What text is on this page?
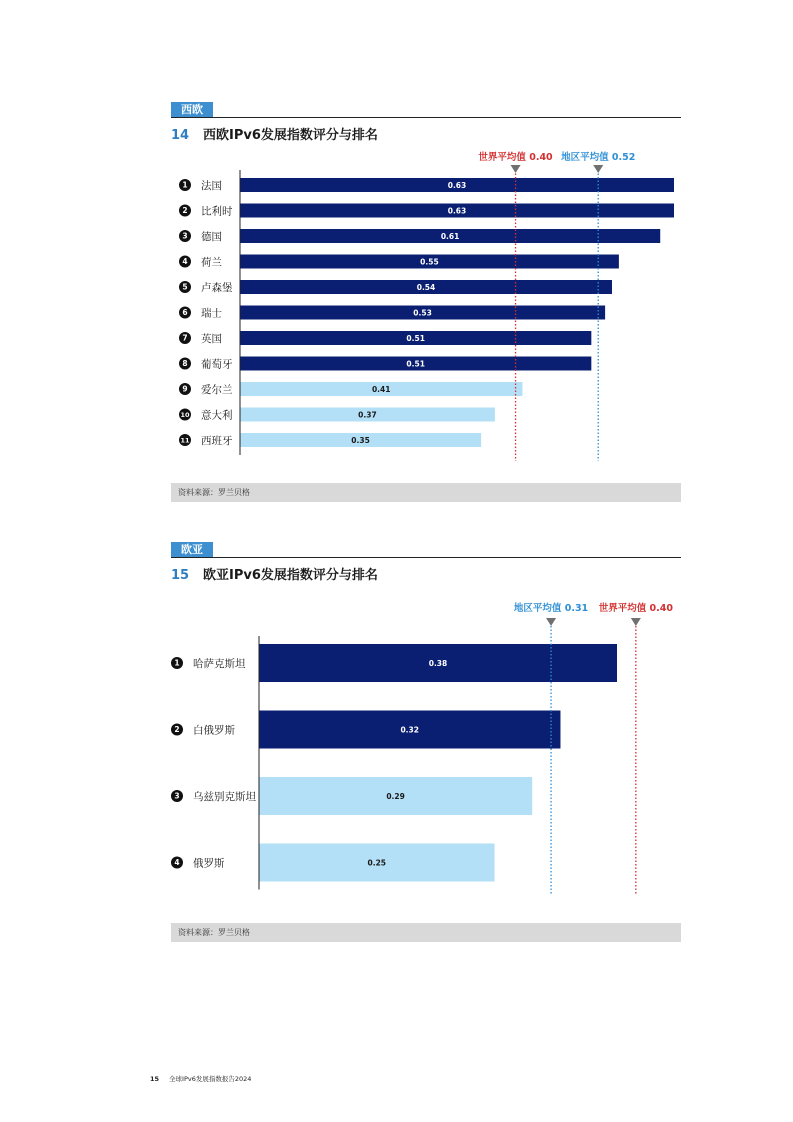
西欧
14 西欧IPv6发展指数评分与排名
0.63
1 法国
0.63
2 比利时
0.61
3 德国
0.55
4 荷兰
0.54
5 卢森堡
0.53
6 瑞士
0.51
7 英国
0.51
8 葡萄牙
0.41
9 爱尔兰
0.37
10 意大利
0.35
11 西班牙
世界平均值 0.40 地区平均值 0.52
资料来源：罗兰贝格
欧亚
15 欧亚IPv6发展指数评分与排名
0.38
1 哈萨克斯坦
0.32
2 白俄罗斯
0.29
3 乌兹别克斯坦
0.25
4 俄罗斯
地区平均值 0.31 世界平均值 0.40
资料来源：罗兰贝格
15 全球IPv6发展指数报告2024
